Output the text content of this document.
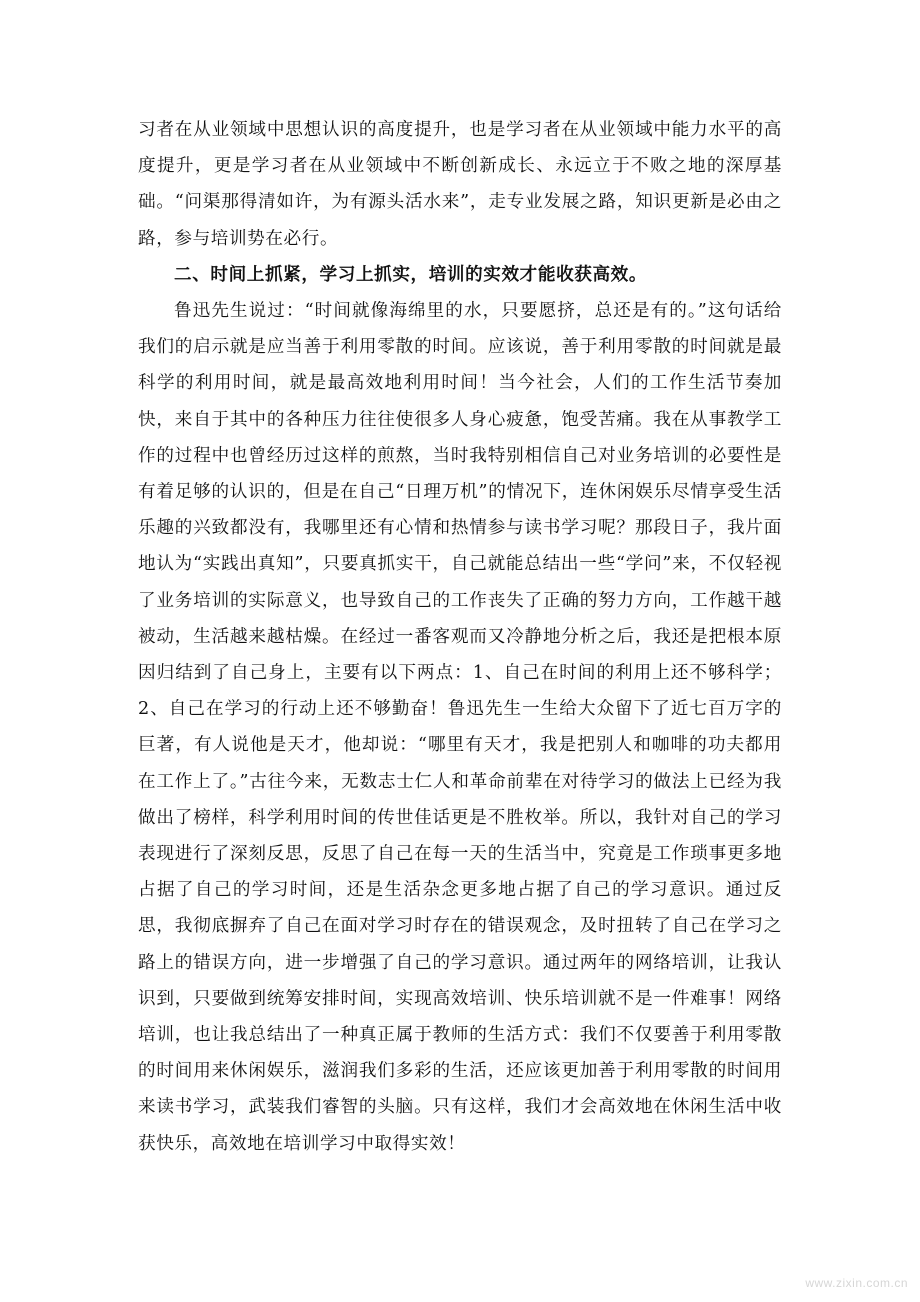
习者在从业领域中思想认识的高度提升，也是学习者在从业领域中能力水平的高度提升，更是学习者在从业领域中不断创新成长、永远立于不败之地的深厚基础。“问渠那得清如许，为有源头活水来”，走专业发展之路，知识更新是必由之路，参与培训势在必行。

二、时间上抓紧，学习上抓实，培训的实效才能收获高效。

鲁迅先生说过：“时间就像海绵里的水，只要愿挤，总还是有的。”这句话给我们的启示就是应当善于利用零散的时间。应该说，善于利用零散的时间就是最科学的利用时间，就是最高效地利用时间！当今社会，人们的工作生活节奏加快，来自于其中的各种压力往往使很多人身心疲惫，饱受苦痛。我在从事教学工作的过程中也曾经历过这样的煎熬，当时我特别相信自己对业务培训的必要性是有着足够的认识的，但是在自己“日理万机”的情况下，连休闲娱乐尽情享受生活乐趣的兴致都没有，我哪里还有心情和热情参与读书学习呢？那段日子，我片面地认为“实践出真知”，只要真抓实干，自己就能总结出一些“学问”来，不仅轻视了业务培训的实际意义，也导致自己的工作丧失了正确的努力方向，工作越干越被动，生活越来越枯燥。在经过一番客观而又冷静地分析之后，我还是把根本原因归结到了自己身上，主要有以下两点：1、自己在时间的利用上还不够科学；2、自己在学习的行动上还不够勤奋！鲁迅先生一生给大众留下了近七百万字的巨著，有人说他是天才，他却说：“哪里有天才，我是把别人和咖啡的功夫都用在工作上了。”古往今来，无数志士仁人和革命前辈在对待学习的做法上已经为我做出了榜样，科学利用时间的传世佳话更是不胜枚举。所以，我针对自己的学习表现进行了深刻反思，反思了自己在每一天的生活当中，究竟是工作琐事更多地占据了自己的学习时间，还是生活杂念更多地占据了自己的学习意识。通过反思，我彻底摒弃了自己在面对学习时存在的错误观念，及时扭转了自己在学习之路上的错误方向，进一步增强了自己的学习意识。通过两年的网络培训，让我认识到，只要做到统筹安排时间，实现高效培训、快乐培训就不是一件难事！网络培训，也让我总结出了一种真正属于教师的生活方式：我们不仅要善于利用零散的时间用来休闲娱乐，滋润我们多彩的生活，还应该更加善于利用零散的时间用来读书学习，武装我们睿智的头脑。只有这样，我们才会高效地在休闲生活中收获快乐，高效地在培训学习中取得实效！

www.zixin.com.cn
